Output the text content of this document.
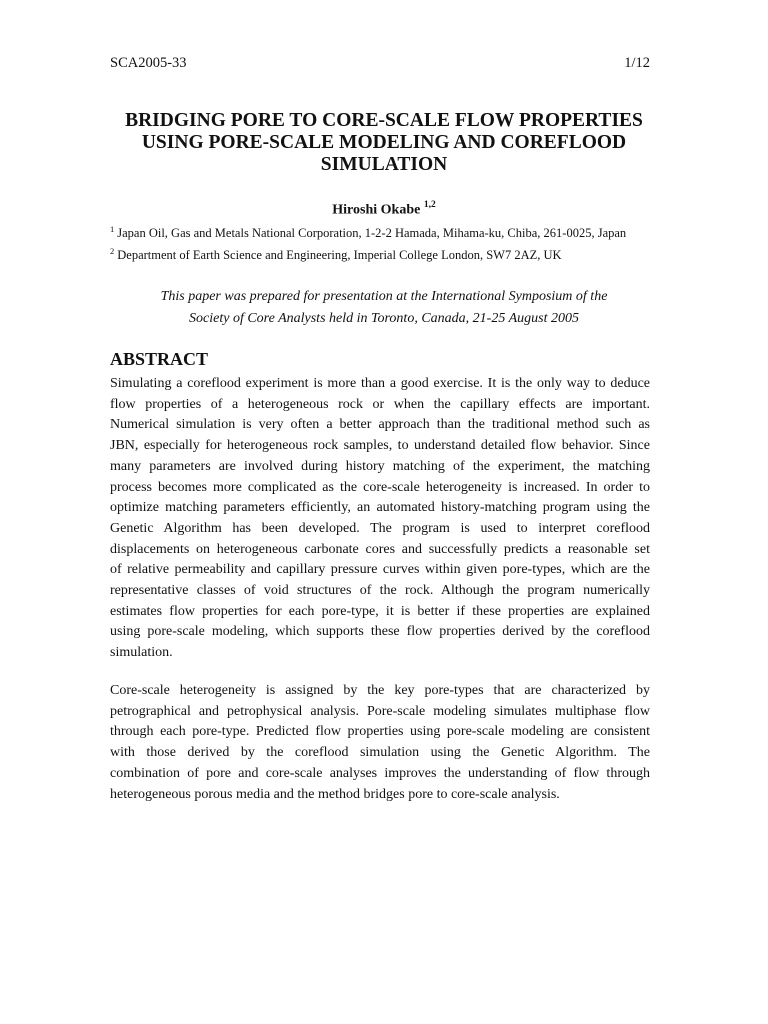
SCA2005-33	1/12
BRIDGING PORE TO CORE-SCALE FLOW PROPERTIES
USING PORE-SCALE MODELING AND COREFLOOD
SIMULATION
Hiroshi Okabe $^{1,2}$
$^1$ Japan Oil, Gas and Metals National Corporation, 1-2-2 Hamada, Mihama-ku, Chiba, 261-0025, Japan
$^2$ Department of Earth Science and Engineering, Imperial College London, SW7 2AZ, UK
This paper was prepared for presentation at the International Symposium of the
Society of Core Analysts held in Toronto, Canada, 21-25 August 2005
ABSTRACT
Simulating a coreflood experiment is more than a good exercise. It is the only way to deduce
flow properties of a heterogeneous rock or when the capillary effects are important.
Numerical simulation is very often a better approach than the traditional method such as
JBN, especially for heterogeneous rock samples, to understand detailed flow behavior. Since
many parameters are involved during history matching of the experiment, the matching
process becomes more complicated as the core-scale heterogeneity is increased. In order to
optimize matching parameters efficiently, an automated history-matching program using the
Genetic Algorithm has been developed. The program is used to interpret coreflood
displacements on heterogeneous carbonate cores and successfully predicts a reasonable set
of relative permeability and capillary pressure curves within given pore-types, which are the
representative classes of void structures of the rock. Although the program numerically
estimates flow properties for each pore-type, it is better if these properties are explained
using pore-scale modeling, which supports these flow properties derived by the coreflood
simulation.
Core-scale heterogeneity is assigned by the key pore-types that are characterized by
petrographical and petrophysical analysis. Pore-scale modeling simulates multiphase flow
through each pore-type. Predicted flow properties using pore-scale modeling are consistent
with those derived by the coreflood simulation using the Genetic Algorithm. The
combination of pore and core-scale analyses improves the understanding of flow through
heterogeneous porous media and the method bridges pore to core-scale analysis.
